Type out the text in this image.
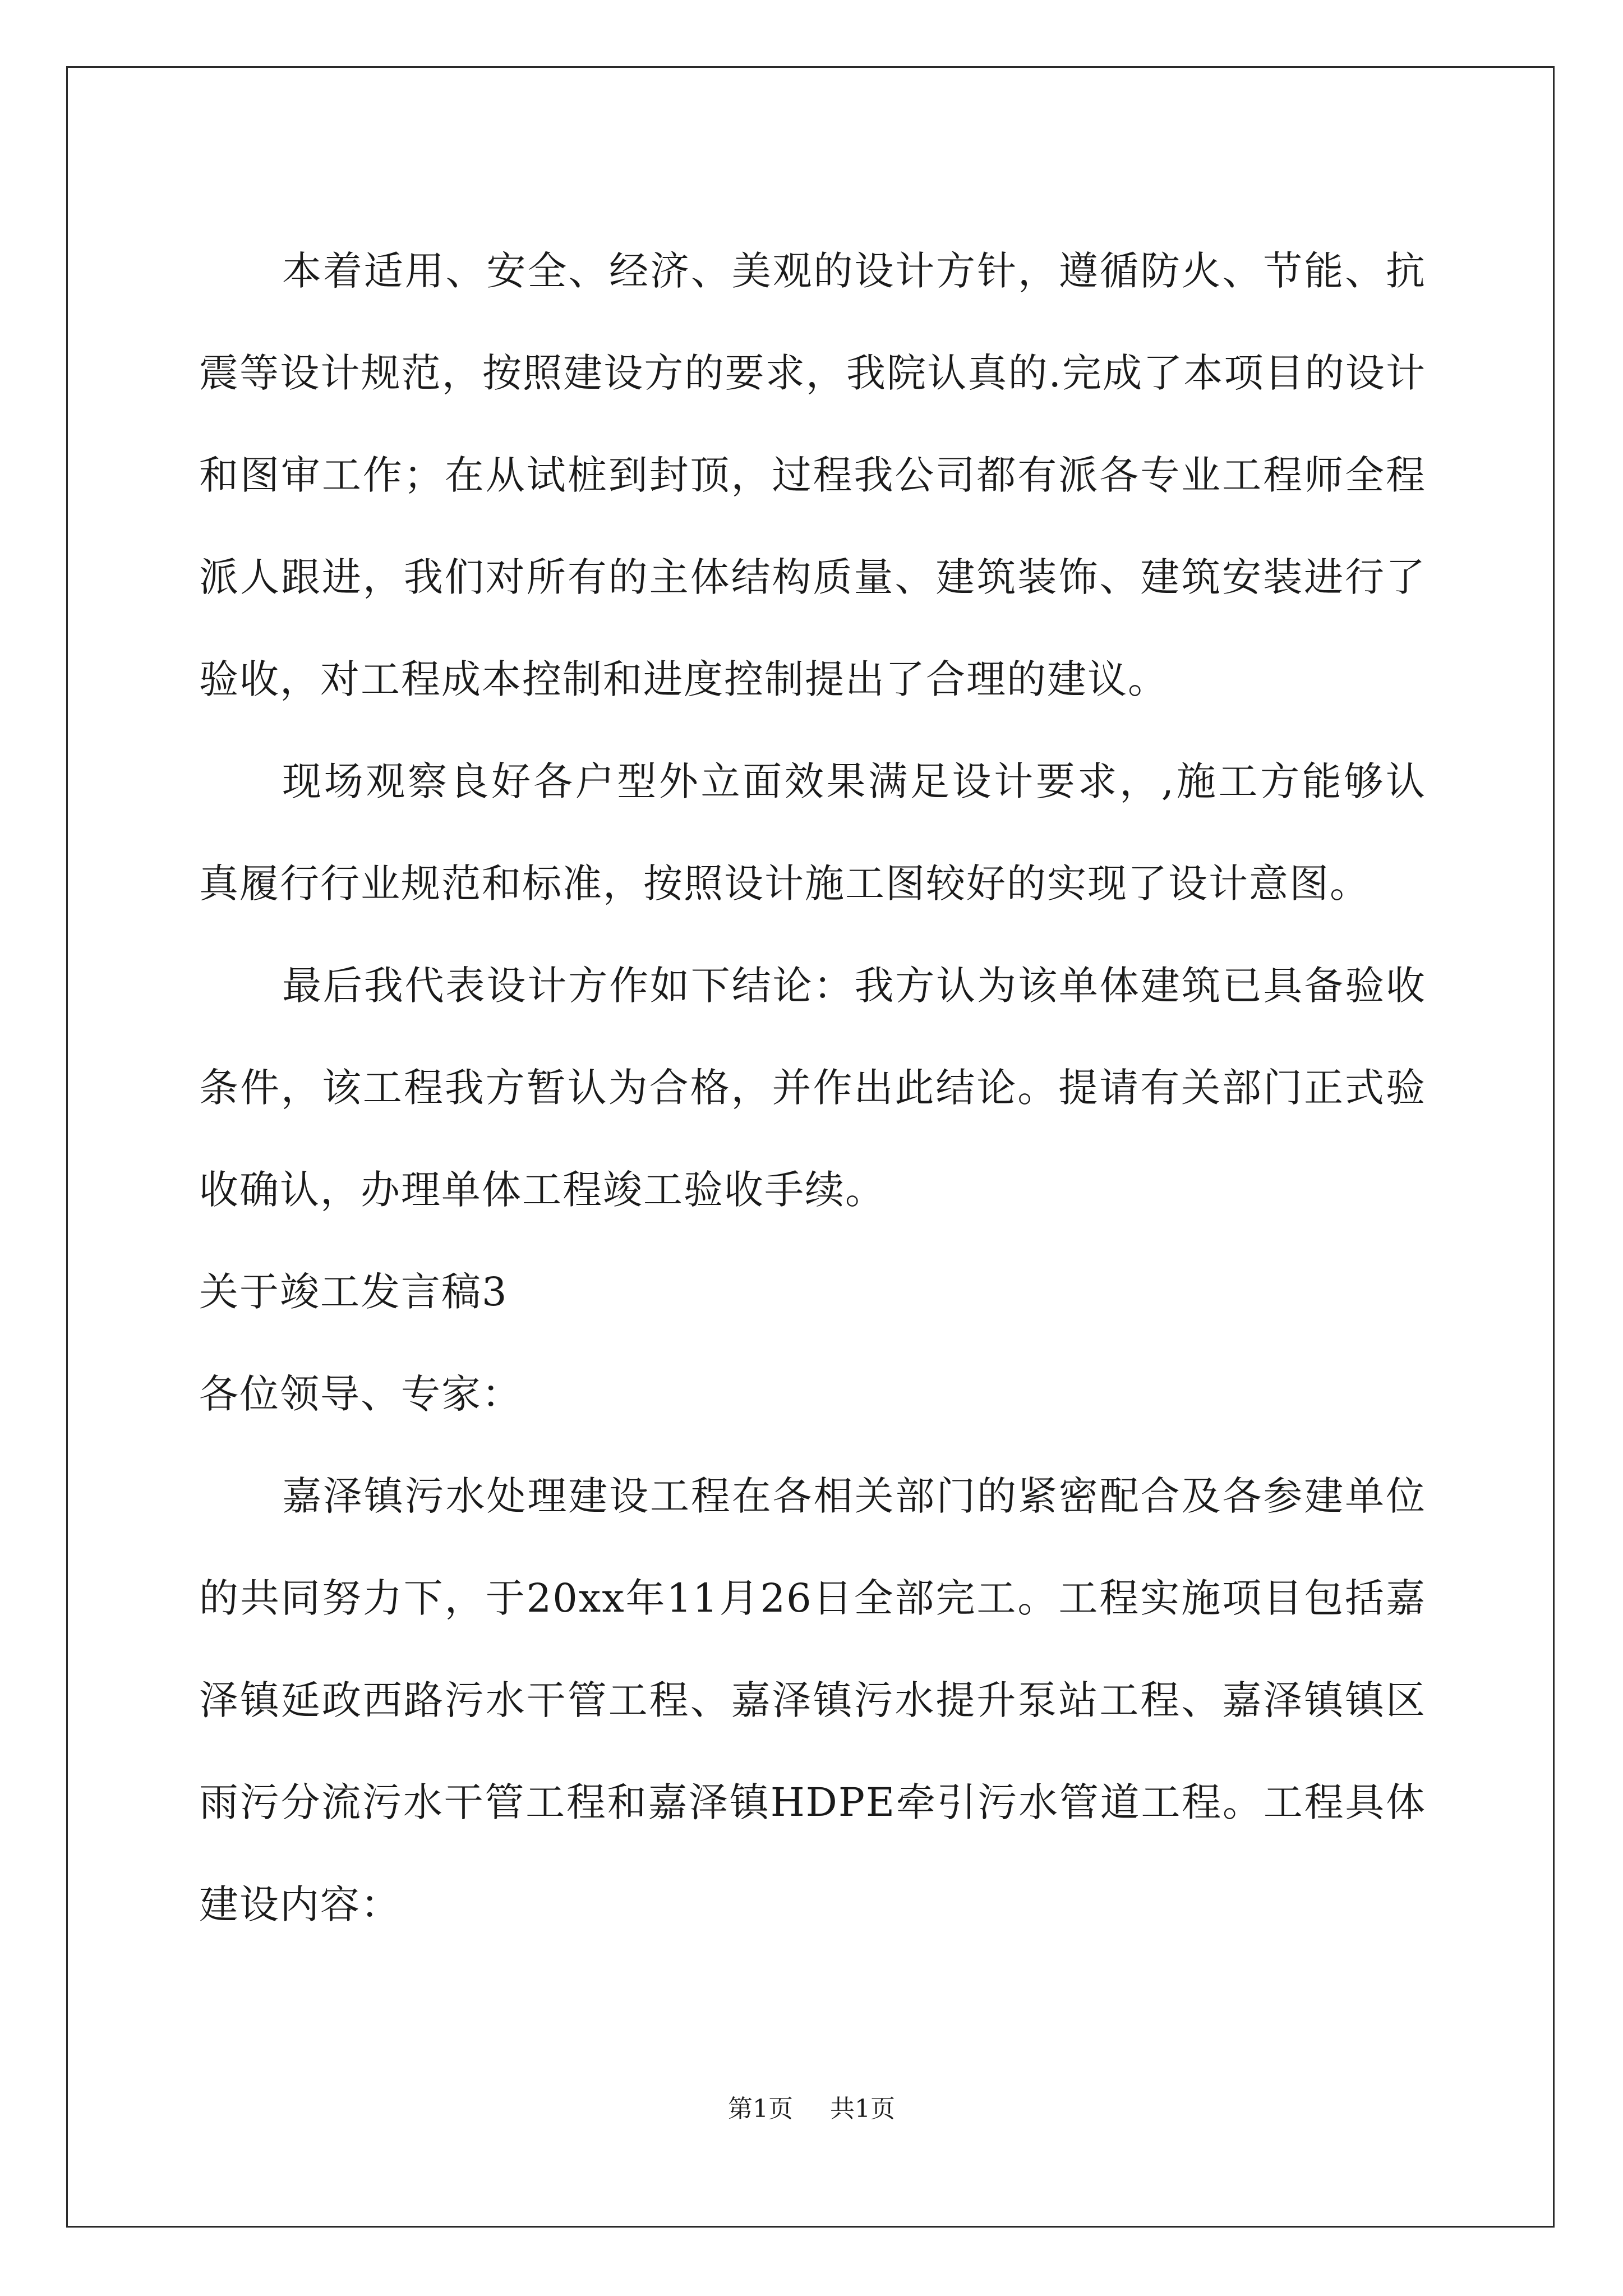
本着适用、安全、经济、美观的设计方针，遵循防火、节能、抗震等设计规范，按照建设方的要求，我院认真的.完成了本项目的设计和图审工作；在从试桩到封顶，过程我公司都有派各专业工程师全程派人跟进，我们对所有的主体结构质量、建筑装饰、建筑安装进行了验收，对工程成本控制和进度控制提出了合理的建议。

现场观察良好各户型外立面效果满足设计要求，,施工方能够认真履行行业规范和标准，按照设计施工图较好的实现了设计意图。

最后我代表设计方作如下结论：我方认为该单体建筑已具备验收条件，该工程我方暂认为合格，并作出此结论。提请有关部门正式验收确认，办理单体工程竣工验收手续。

关于竣工发言稿3

各位领导、专家：

嘉泽镇污水处理建设工程在各相关部门的紧密配合及各参建单位的共同努力下，于20xx年11月26日全部完工。工程实施项目包括嘉泽镇延政西路污水干管工程、嘉泽镇污水提升泵站工程、嘉泽镇镇区雨污分流污水干管工程和嘉泽镇HDPE牵引污水管道工程。工程具体建设内容：

第1页 共1页
